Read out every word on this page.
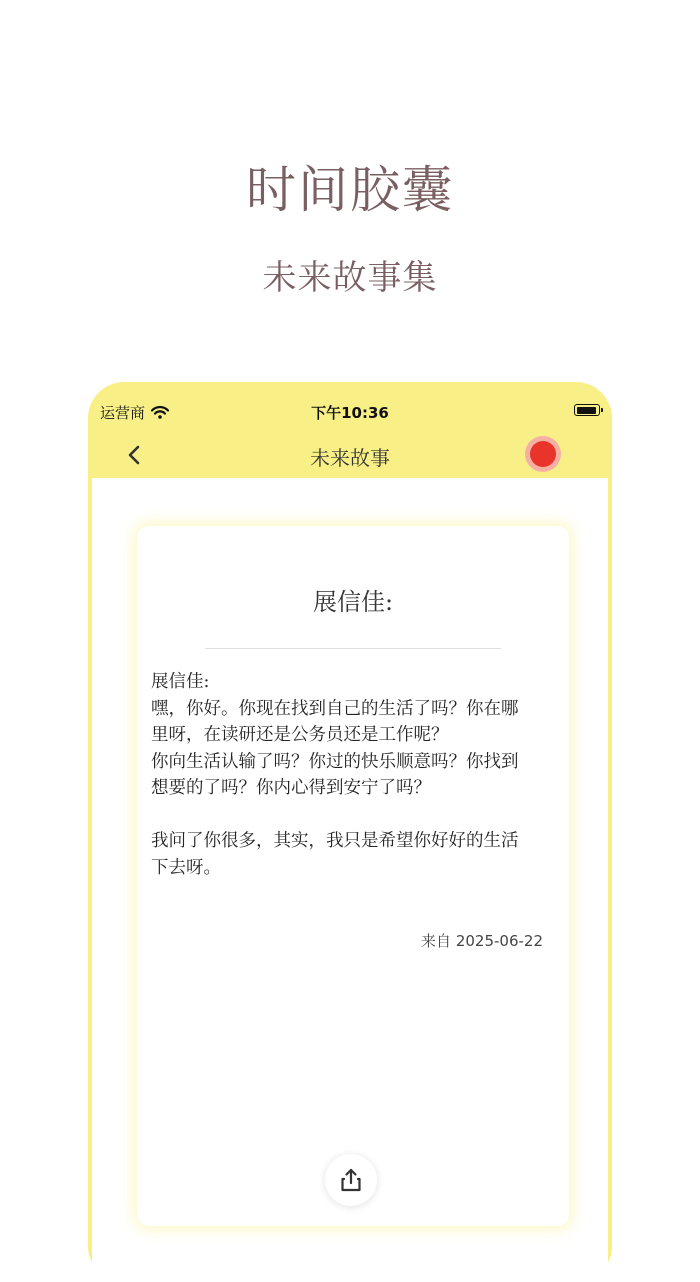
时间胶囊
未来故事集
运营商	下午10:36
未来故事
展信佳:

展信佳:

嘿，你好。你现在找到自己的生活了吗？你在哪

里呀，在读研还是公务员还是工作呢？

你向生活认输了吗？你过的快乐顺意吗？你找到

想要的了吗？你内心得到安宁了吗？

我问了你很多，其实，我只是希望你好好的生活

下去呀。

来自 2025-06-22
